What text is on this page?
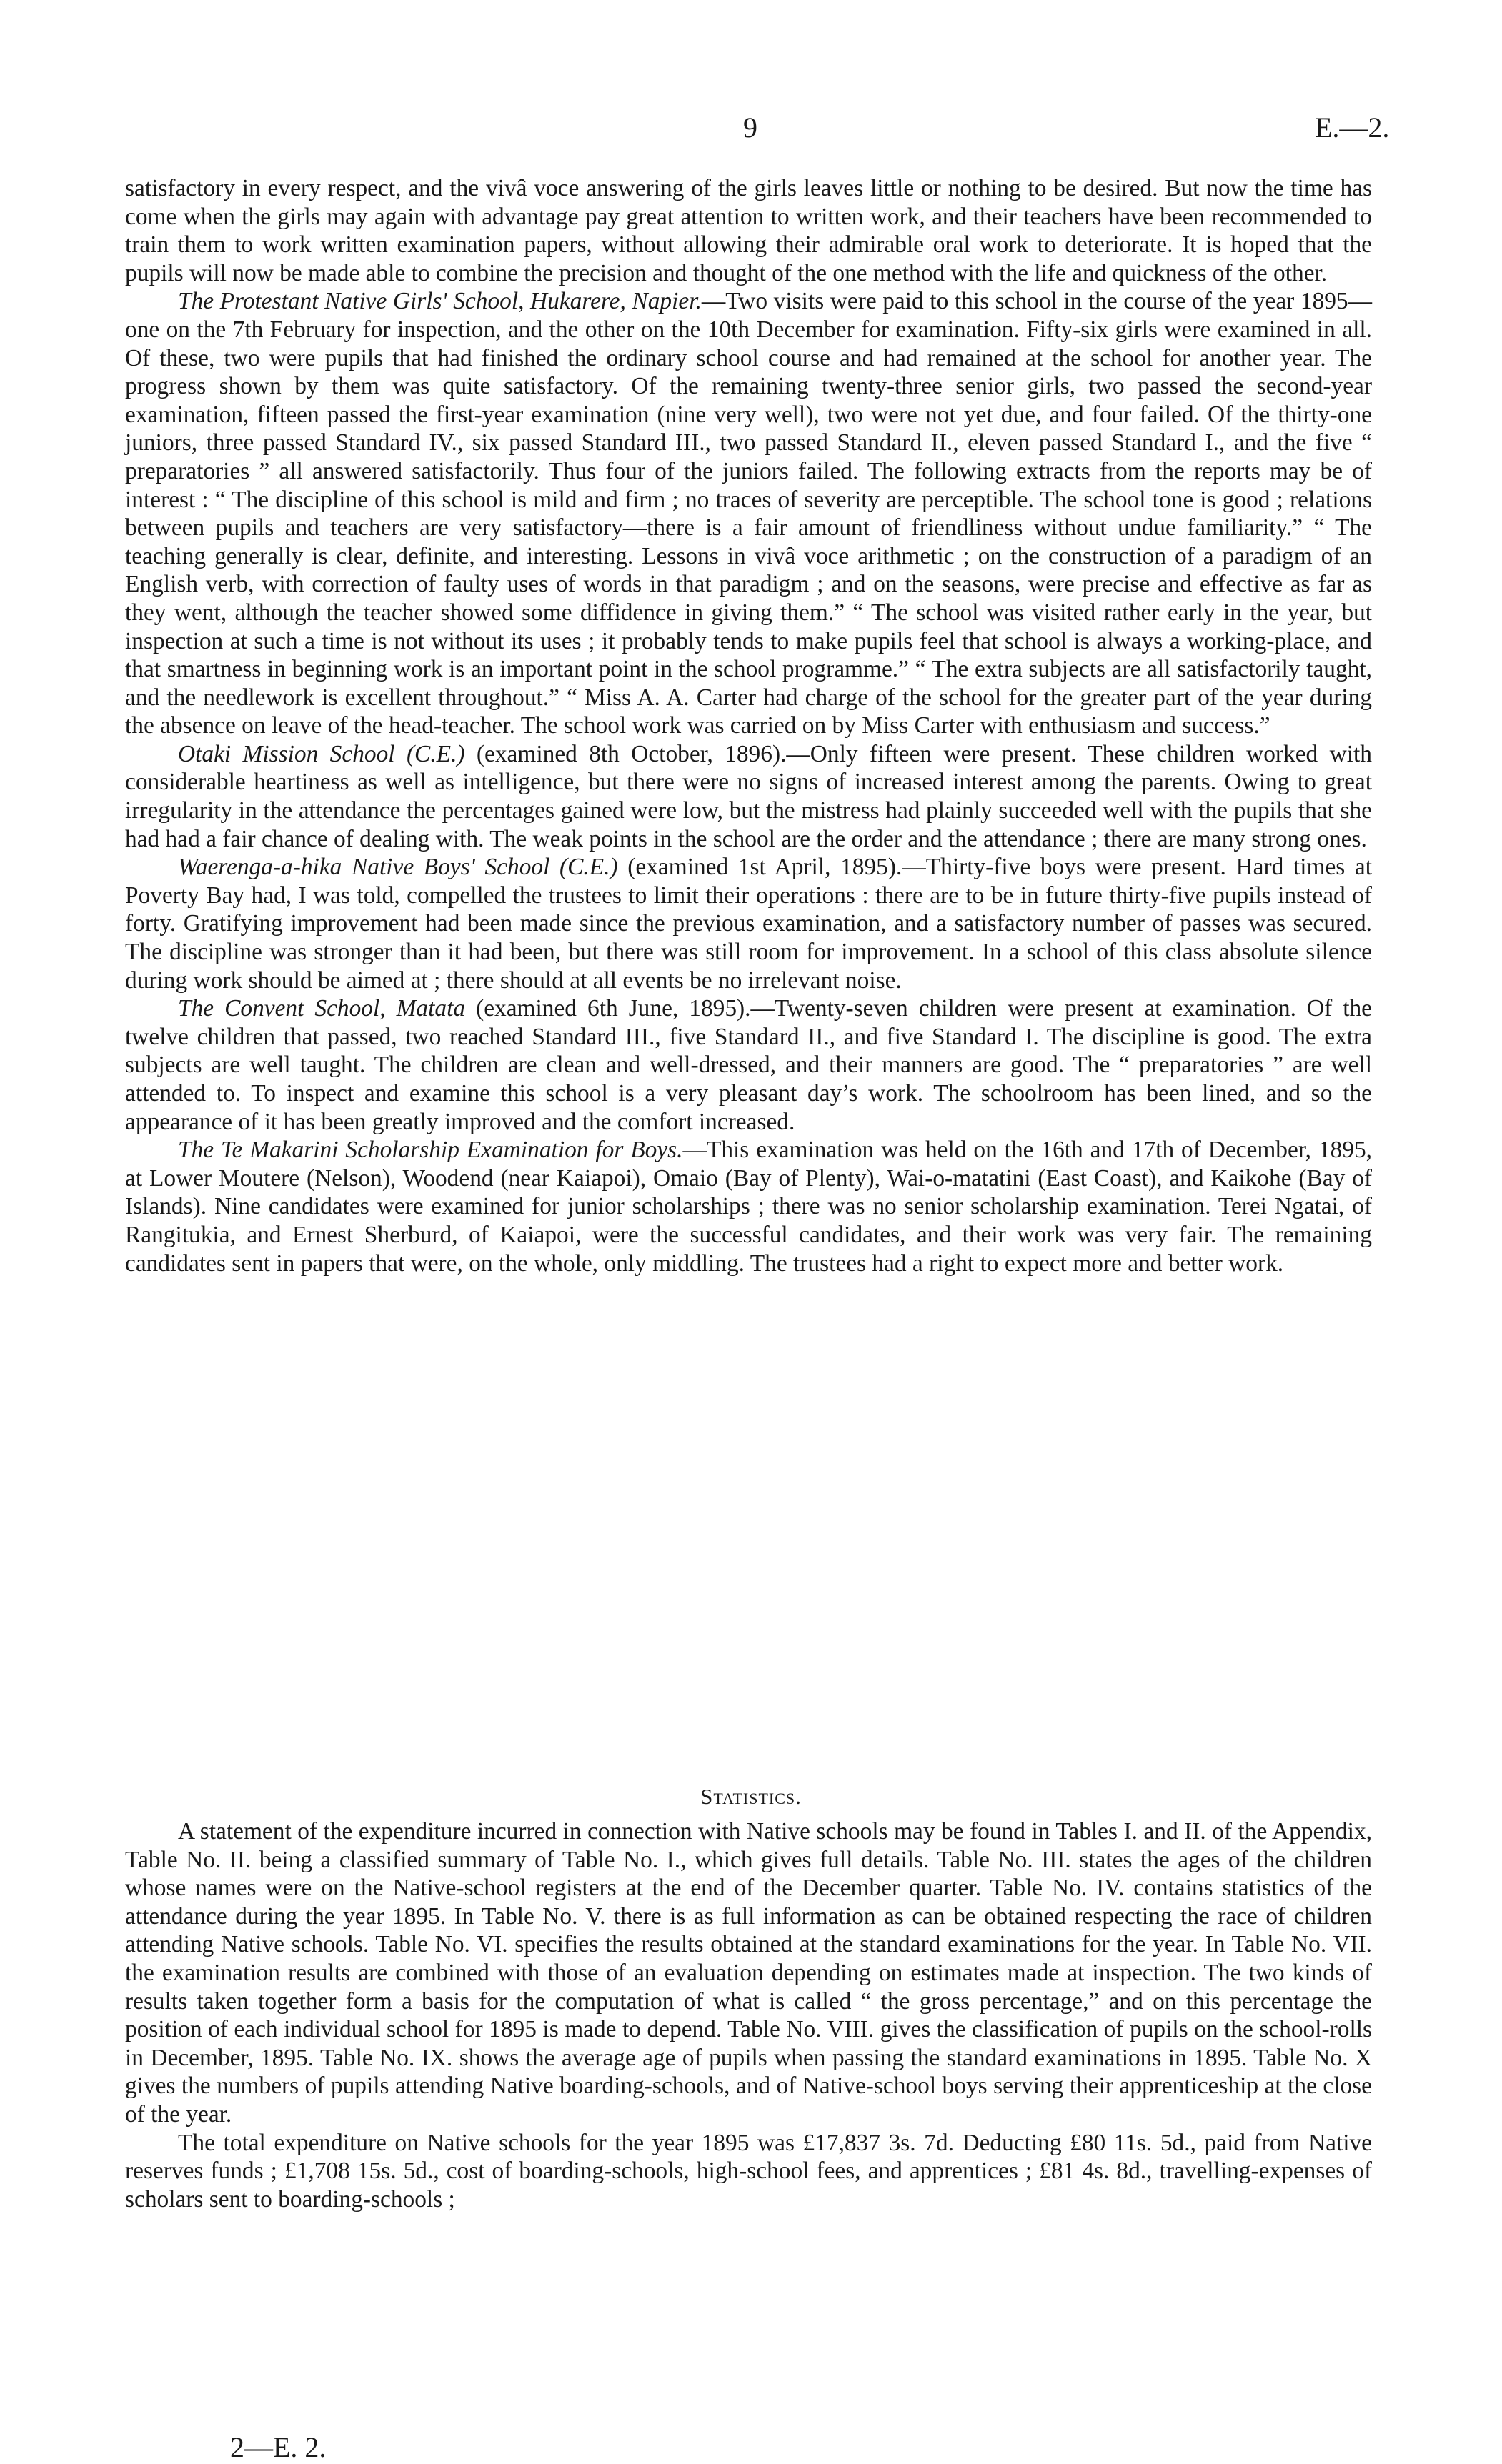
9	E.—2.

satisfactory in every respect, and the vivâ voce answering of the girls leaves little or nothing to be desired. But now the time has come when the girls may again with advantage pay great attention to written work, and their teachers have been recommended to train them to work written examination papers, without allowing their admirable oral work to deteriorate. It is hoped that the pupils will now be made able to combine the precision and thought of the one method with the life and quickness of the other.

The Protestant Native Girls' School, Hukarere, Napier.—Two visits were paid to this school in the course of the year 1895—one on the 7th February for inspection, and the other on the 10th December for examination. Fifty-six girls were examined in all. Of these, two were pupils that had finished the ordinary school course and had remained at the school for another year. The progress shown by them was quite satisfactory. Of the remaining twenty-three senior girls, two passed the second-year examination, fifteen passed the first-year examination (nine very well), two were not yet due, and four failed. Of the thirty-one juniors, three passed Standard IV., six passed Standard III., two passed Standard II., eleven passed Standard I., and the five “ preparatories ” all answered satisfactorily. Thus four of the juniors failed. The following extracts from the reports may be of interest : “ The discipline of this school is mild and firm ; no traces of severity are perceptible. The school tone is good ; relations between pupils and teachers are very satisfactory—there is a fair amount of friendliness without undue familiarity.” “ The teaching generally is clear, definite, and interesting. Lessons in vivâ voce arithmetic ; on the construction of a paradigm of an English verb, with correction of faulty uses of words in that paradigm ; and on the seasons, were precise and effective as far as they went, although the teacher showed some diffidence in giving them.” “ The school was visited rather early in the year, but inspection at such a time is not without its uses ; it probably tends to make pupils feel that school is always a working-place, and that smartness in beginning work is an important point in the school programme.” “ The extra subjects are all satisfactorily taught, and the needlework is excellent throughout.” “ Miss A. A. Carter had charge of the school for the greater part of the year during the absence on leave of the head-teacher. The school work was carried on by Miss Carter with enthusiasm and success.”

Otaki Mission School (C.E.) (examined 8th October, 1896).—Only fifteen were present. These children worked with considerable heartiness as well as intelligence, but there were no signs of increased interest among the parents. Owing to great irregularity in the attendance the percentages gained were low, but the mistress had plainly succeeded well with the pupils that she had had a fair chance of dealing with. The weak points in the school are the order and the attendance ; there are many strong ones.

Waerenga-a-hika Native Boys' School (C.E.) (examined 1st April, 1895).—Thirty-five boys were present. Hard times at Poverty Bay had, I was told, compelled the trustees to limit their operations : there are to be in future thirty-five pupils instead of forty. Gratifying improvement had been made since the previous examination, and a satisfactory number of passes was secured. The discipline was stronger than it had been, but there was still room for improvement. In a school of this class absolute silence during work should be aimed at ; there should at all events be no irrelevant noise.

The Convent School, Matata (examined 6th June, 1895).—Twenty-seven children were present at examination. Of the twelve children that passed, two reached Standard III., five Standard II., and five Standard I. The discipline is good. The extra subjects are well taught. The children are clean and well-dressed, and their manners are good. The “ preparatories ” are well attended to. To inspect and examine this school is a very pleasant day’s work. The schoolroom has been lined, and so the appearance of it has been greatly improved and the comfort increased.

The Te Makarini Scholarship Examination for Boys.—This examination was held on the 16th and 17th of December, 1895, at Lower Moutere (Nelson), Woodend (near Kaiapoi), Omaio (Bay of Plenty), Wai-o-matatini (East Coast), and Kaikohe (Bay of Islands). Nine candidates were examined for junior scholarships ; there was no senior scholarship examination. Terei Ngatai, of Rangitukia, and Ernest Sherburd, of Kaiapoi, were the successful candidates, and their work was very fair. The remaining candidates sent in papers that were, on the whole, only middling. The trustees had a right to expect more and better work.

Statistics.

A statement of the expenditure incurred in connection with Native schools may be found in Tables I. and II. of the Appendix, Table No. II. being a classified summary of Table No. I., which gives full details. Table No. III. states the ages of the children whose names were on the Native-school registers at the end of the December quarter. Table No. IV. contains statistics of the attendance during the year 1895. In Table No. V. there is as full information as can be obtained respecting the race of children attending Native schools. Table No. VI. specifies the results obtained at the standard examinations for the year. In Table No. VII. the examination results are combined with those of an evaluation depending on estimates made at inspection. The two kinds of results taken together form a basis for the computation of what is called “ the gross percentage,” and on this percentage the position of each individual school for 1895 is made to depend. Table No. VIII. gives the classification of pupils on the school-rolls in December, 1895. Table No. IX. shows the average age of pupils when passing the standard examinations in 1895. Table No. X gives the numbers of pupils attending Native boarding-schools, and of Native-school boys serving their apprenticeship at the close of the year.

The total expenditure on Native schools for the year 1895 was £17,837 3s. 7d. Deducting £80 11s. 5d., paid from Native reserves funds ; £1,708 15s. 5d., cost of boarding-schools, high-school fees, and apprentices ; £81 4s. 8d., travelling-expenses of scholars sent to boarding-schools ;

2—E. 2.
